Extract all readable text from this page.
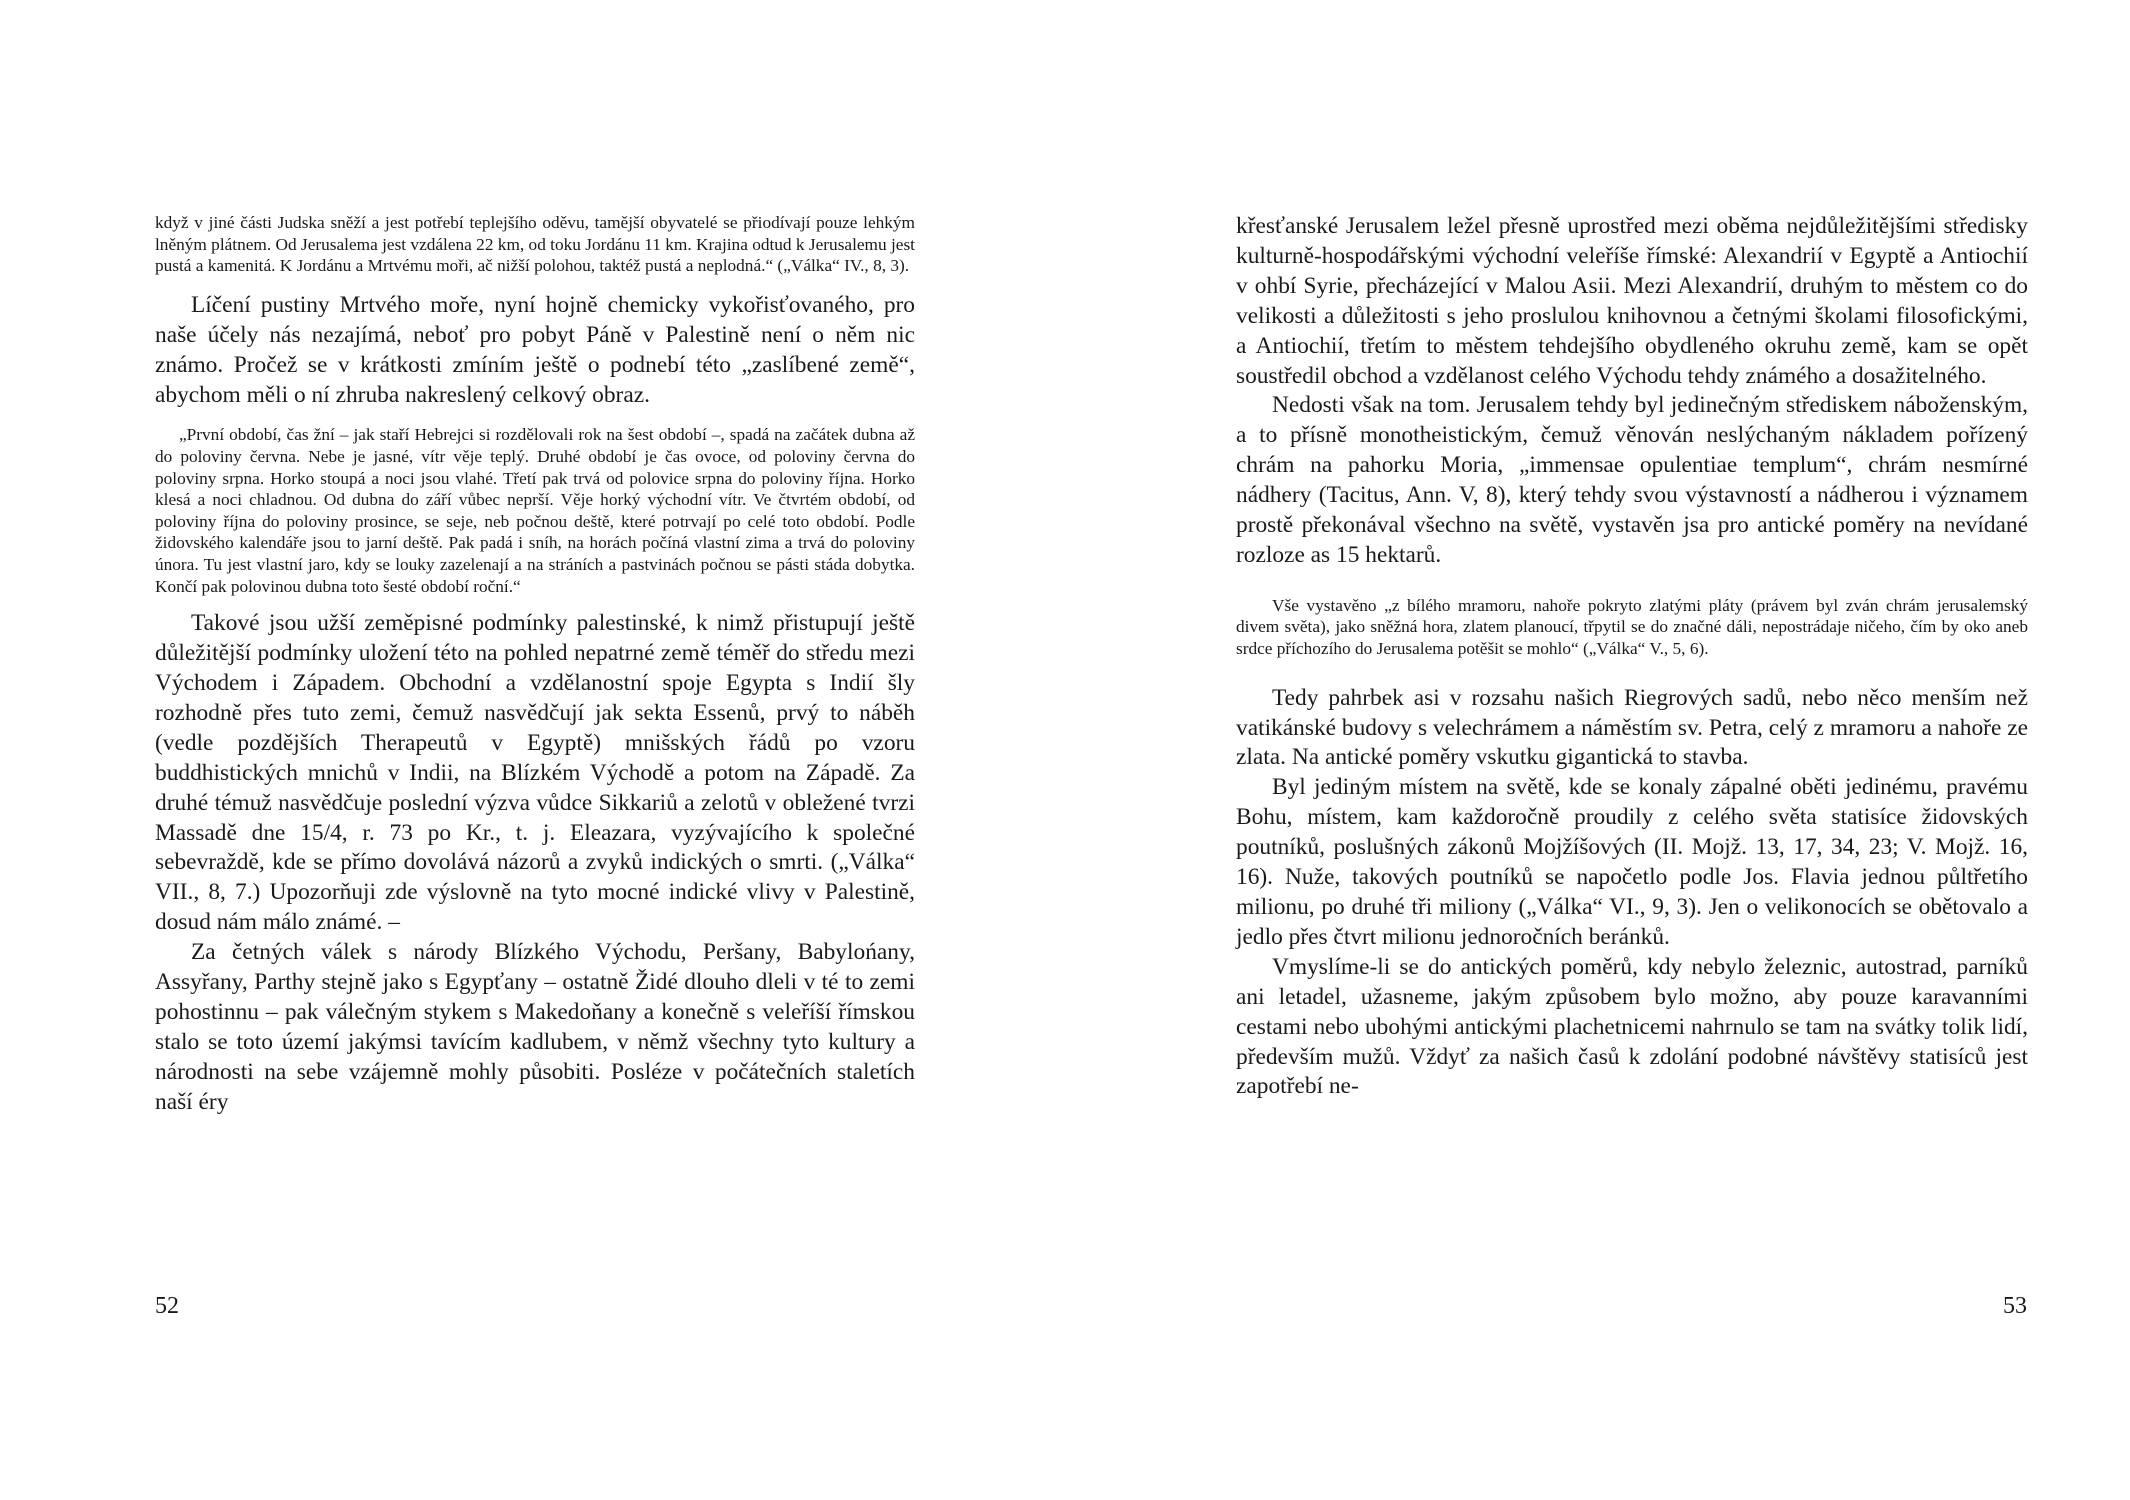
když v jiné části Judska sněží a jest potřebí teplejšího oděvu, tamější obyvatelé se přiodívají pouze lehkým lněným plátnem. Od Jerusalema jest vzdálena 22 km, od toku Jordánu 11 km. Krajina odtud k Jerusalemu jest pustá a kamenitá. K Jordánu a Mrtvému moři, ač nižší polohou, taktéž pustá a neplodná.“ („Válka“ IV., 8, 3).

Líčení pustiny Mrtvého moře, nyní hojně chemicky vykořisťovaného, pro naše účely nás nezajímá, neboť pro pobyt Páně v Palestině není o něm nic známo. Pročež se v krátkosti zmíním ještě o podnebí této „zaslíbené země“, abychom měli o ní zhruba nakreslený celkový obraz.

„První období, čas žní – jak staří Hebrejci si rozdělovali rok na šest období –, spadá na začátek dubna až do poloviny června. Nebe je jasné, vítr věje teplý. Druhé období je čas ovoce, od poloviny června do poloviny srpna. Horko stoupá a noci jsou vlahé. Třetí pak trvá od polovice srpna do poloviny října. Horko klesá a noci chladnou. Od dubna do září vůbec neprší. Věje horký východní vítr. Ve čtvrtém období, od poloviny října do poloviny prosince, se seje, neb počnou deště, které potrvají po celé toto období. Podle židovského kalendáře jsou to jarní deště. Pak padá i sníh, na horách počíná vlastní zima a trvá do poloviny února. Tu jest vlastní jaro, kdy se louky zazelenají a na stráních a pastvinách počnou se pásti stáda dobytka. Končí pak polovinou dubna toto šesté období roční.“

Takové jsou užší zeměpisné podmínky palestinské, k nimž přistupují ještě důležitější podmínky uložení této na pohled nepatrné země téměř do středu mezi Východem i Západem. Obchodní a vzdělanostní spoje Egypta s Indií šly rozhodně přes tuto zemi, čemuž nasvědčují jak sekta Essenů, prvý to náběh (vedle pozdějších Therapeutů v Egyptě) mnišských řádů po vzoru buddhistických mnichů v Indii, na Blízkém Východě a potom na Západě. Za druhé témuž nasvědčuje poslední výzva vůdce Sikkariů a zelotů v obležené tvrzi Massadě dne 15/4, r. 73 po Kr., t. j. Eleazara, vyzývajícího k společné sebevraždě, kde se přímo dovolává názorů a zvyků indických o smrti. („Válka“ VII., 8, 7.) Upozorňuji zde výslovně na tyto mocné indické vlivy v Palestině, dosud nám málo známé. –

Za četných válek s národy Blízkého Východu, Peršany, Babylońany, Assyřany, Parthy stejně jako s Egypťany – ostatně Židé dlouho dleli v té to zemi pohostinnu – pak válečným stykem s Makedoňany a konečně s veleříší římskou stalo se toto území jakýmsi tavícím kadlubem, v němž všechny tyto kultury a národnosti na sebe vzájemně mohly působiti. Posléze v počátečních staletích naší éry

52

křesťanské Jerusalem ležel přesně uprostřed mezi oběma nejdůležitějšími středisky kulturně-hospodářskými východní veleříše římské: Alexandrií v Egyptě a Antiochií v ohbí Syrie, přecházející v Malou Asii. Mezi Alexandrií, druhým to městem co do velikosti a důležitosti s jeho proslulou knihovnou a četnými školami filosofickými, a Antiochií, třetím to městem tehdejšího obydleného okruhu země, kam se opět soustředil obchod a vzdělanost celého Východu tehdy známého a dosažitelného.

Nedosti však na tom. Jerusalem tehdy byl jedinečným střediskem náboženským, a to přísně monotheistickým, čemuž věnován neslýchaným nákladem pořízený chrám na pahorku Moria, „immensae opulentiae templum“, chrám nesmírné nádhery (Tacitus, Ann. V, 8), který tehdy svou výstavností a nádherou i významem prostě překonával všechno na světě, vystavěn jsa pro antické poměry na nevídané rozloze as 15 hektarů.

Vše vystavěno „z bílého mramoru, nahoře pokryto zlatými pláty (právem byl zván chrám jerusalemský divem světa), jako sněžná hora, zlatem planoucí, třpytil se do značné dáli, nepostrádaje ničeho, čím by oko aneb srdce příchozího do Jerusalema potěšit se mohlo“ („Válka“ V., 5, 6).

Tedy pahrbek asi v rozsahu našich Riegrových sadů, nebo něco menším než vatikánské budovy s velechrámem a náměstím sv. Petra, celý z mramoru a nahoře ze zlata. Na antické poměry vskutku gigantická to stavba.

Byl jediným místem na světě, kde se konaly zápalné oběti jedinému, pravému Bohu, místem, kam každoročně proudily z celého světa statisíce židovských poutníků, poslušných zákonů Mojžíšových (II. Mojž. 13, 17, 34, 23; V. Mojž. 16, 16). Nuže, takových poutníků se napočetlo podle Jos. Flavia jednou půltřetího milionu, po druhé tři miliony („Válka“ VI., 9, 3). Jen o velikonocích se obětovalo a jedlo přes čtvrt milionu jednoročních beránků.

Vmyslíme-li se do antických poměrů, kdy nebylo železnic, autostrad, parníků ani letadel, užasneme, jakým způsobem bylo možno, aby pouze karavanními cestami nebo ubohými antickými plachetnicemi nahrnulo se tam na svátky tolik lidí, především mužů. Vždyť za našich časů k zdolání podobné návštěvy statisíců jest zapotřebí ne-

53
